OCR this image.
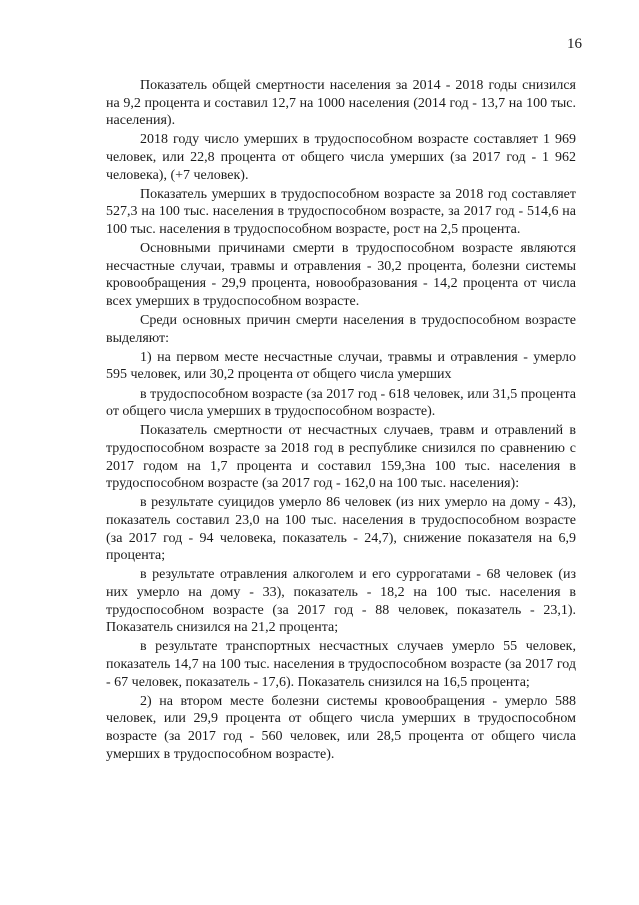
16

Показатель общей смертности населения за 2014 - 2018 годы снизился на 9,2 процента и составил 12,7 на 1000 населения (2014 год - 13,7 на 100 тыс. населения).

2018 году число умерших в трудоспособном возрасте составляет 1 969 человек, или 22,8 процента от общего числа умерших (за 2017 год - 1 962 человека), (+7 человек).

Показатель умерших в трудоспособном возрасте за 2018 год составляет 527,3 на 100 тыс. населения в трудоспособном возрасте, за 2017 год - 514,6 на 100 тыс. населения в трудоспособном возрасте, рост на 2,5 процента.

Основными причинами смерти в трудоспособном возрасте являются несчастные случаи, травмы и отравления - 30,2 процента, болезни системы кровообращения - 29,9 процента, новообразования - 14,2 процента от числа всех умерших в трудоспособном возрасте.

Среди основных причин смерти населения в трудоспособном возрасте выделяют:

1) на первом месте несчастные случаи, травмы и отравления - умерло 595 человек, или 30,2 процента от общего числа умерших

в трудоспособном возрасте (за 2017 год - 618 человек, или 31,5 процента от общего числа умерших в трудоспособном возрасте).

Показатель смертности от несчастных случаев, травм и отравлений в трудоспособном возрасте за 2018 год в республике снизился по сравнению с 2017 годом на 1,7 процента и составил 159,3на 100 тыс. населения в трудоспособном возрасте (за 2017 год - 162,0 на 100 тыс. населения):

в результате суицидов умерло 86 человек (из них умерло на дому - 43), показатель составил 23,0 на 100 тыс. населения в трудоспособном возрасте (за 2017 год - 94 человека, показатель - 24,7), снижение показателя на 6,9 процента;

в результате отравления алкоголем и его суррогатами - 68 человек (из них умерло на дому - 33), показатель - 18,2 на 100 тыс. населения в трудоспособном возрасте (за 2017 год - 88 человек, показатель - 23,1). Показатель снизился на 21,2 процента;

в результате транспортных несчастных случаев умерло 55 человек, показатель 14,7 на 100 тыс. населения в трудоспособном возрасте (за 2017 год - 67 человек, показатель - 17,6). Показатель снизился на 16,5 процента;

2) на втором месте болезни системы кровообращения - умерло 588 человек, или 29,9 процента от общего числа умерших в трудоспособном возрасте (за 2017 год - 560 человек, или 28,5 процента от общего числа умерших в трудоспособном возрасте).
